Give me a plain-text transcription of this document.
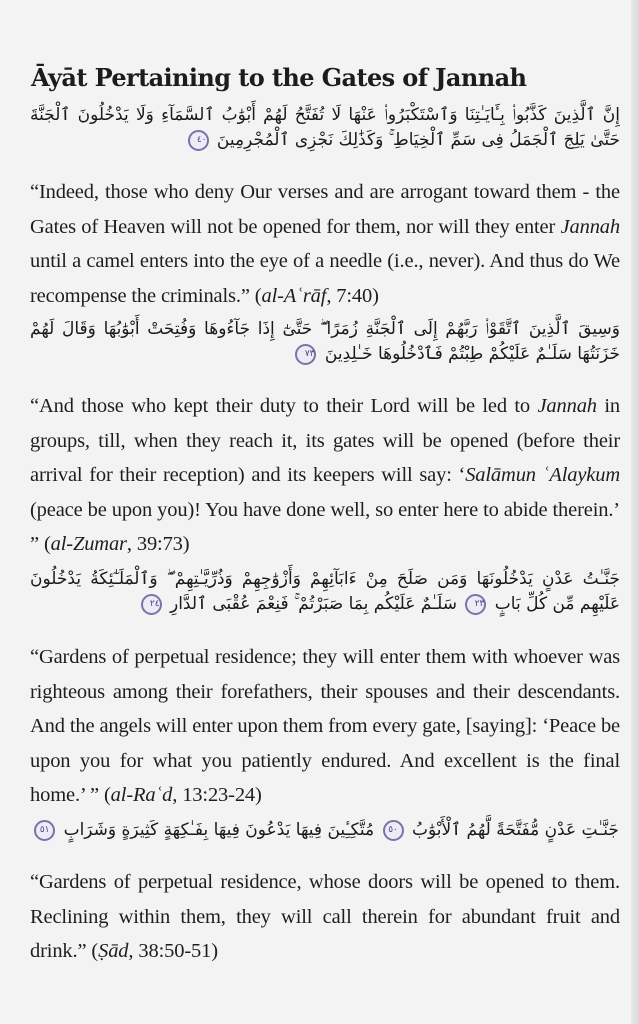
Āyāt Pertaining to the Gates of Jannah
إِنَّ ٱلَّذِينَ كَذَّبُوا۟ بِـَٔايَـٰتِنَا وَٱسْتَكْبَرُوا۟ عَنْهَا لَا تُفَتَّحُ لَهُمْ أَبْوَٰبُ ٱلسَّمَآءِ وَلَا يَدْخُلُونَ ٱلْجَنَّةَ حَتَّىٰ يَلِجَ ٱلْجَمَلُ فِى سَمِّ ٱلْخِيَاطِ ۚ وَكَذَٰلِكَ نَجْزِى ٱلْمُجْرِمِينَ ٤٠

“Indeed, those who deny Our verses and are arrogant toward them - the Gates of Heaven will not be opened for them, nor will they enter Jannah until a camel enters into the eye of a needle (i.e., never). And thus do We recompense the criminals.” (al-Aʿrāf, 7:40)

وَسِيقَ ٱلَّذِينَ ٱتَّقَوْا۟ رَبَّهُمْ إِلَى ٱلْجَنَّةِ زُمَرًا ۖ حَتَّىٰٓ إِذَا جَآءُوهَا وَفُتِحَتْ أَبْوَٰبُهَا وَقَالَ لَهُمْ خَزَنَتُهَا سَلَـٰمٌ عَلَيْكُمْ طِبْتُمْ فَٱدْخُلُوهَا خَـٰلِدِينَ ٧٣

“And those who kept their duty to their Lord will be led to Jannah in groups, till, when they reach it, its gates will be opened (before their arrival for their reception) and its keepers will say: ‘Salāmun ʿAlaykum (peace be upon you)! You have done well, so enter here to abide therein.’ ” (al-Zumar, 39:73)

جَنَّـٰتُ عَدْنٍ يَدْخُلُونَهَا وَمَن صَلَحَ مِنْ ءَابَآئِهِمْ وَأَزْوَٰجِهِمْ وَذُرِّيَّـٰتِهِمْ ۖ وَٱلْمَلَـٰٓئِكَةُ يَدْخُلُونَ عَلَيْهِم مِّن كُلِّ بَابٍ ٢٣ سَلَـٰمٌ عَلَيْكُم بِمَا صَبَرْتُمْ ۚ فَنِعْمَ عُقْبَى ٱلدَّارِ ٢٤

“Gardens of perpetual residence; they will enter them with whoever was righteous among their forefathers, their spouses and their descendants. And the angels will enter upon them from every gate, [saying]: ‘Peace be upon you for what you patiently endured. And excellent is the final home.’ ” (al-Raʿd, 13:23-24)

جَنَّـٰتِ عَدْنٍ مُّفَتَّحَةً لَّهُمُ ٱلْأَبْوَٰبُ ٥٠ مُتَّكِـِٔينَ فِيهَا يَدْعُونَ فِيهَا بِفَـٰكِهَةٍ كَثِيرَةٍ وَشَرَابٍ ٥١

“Gardens of perpetual residence, whose doors will be opened to them. Reclining within them, they will call therein for abundant fruit and drink.” (Ṣād, 38:50-51)
